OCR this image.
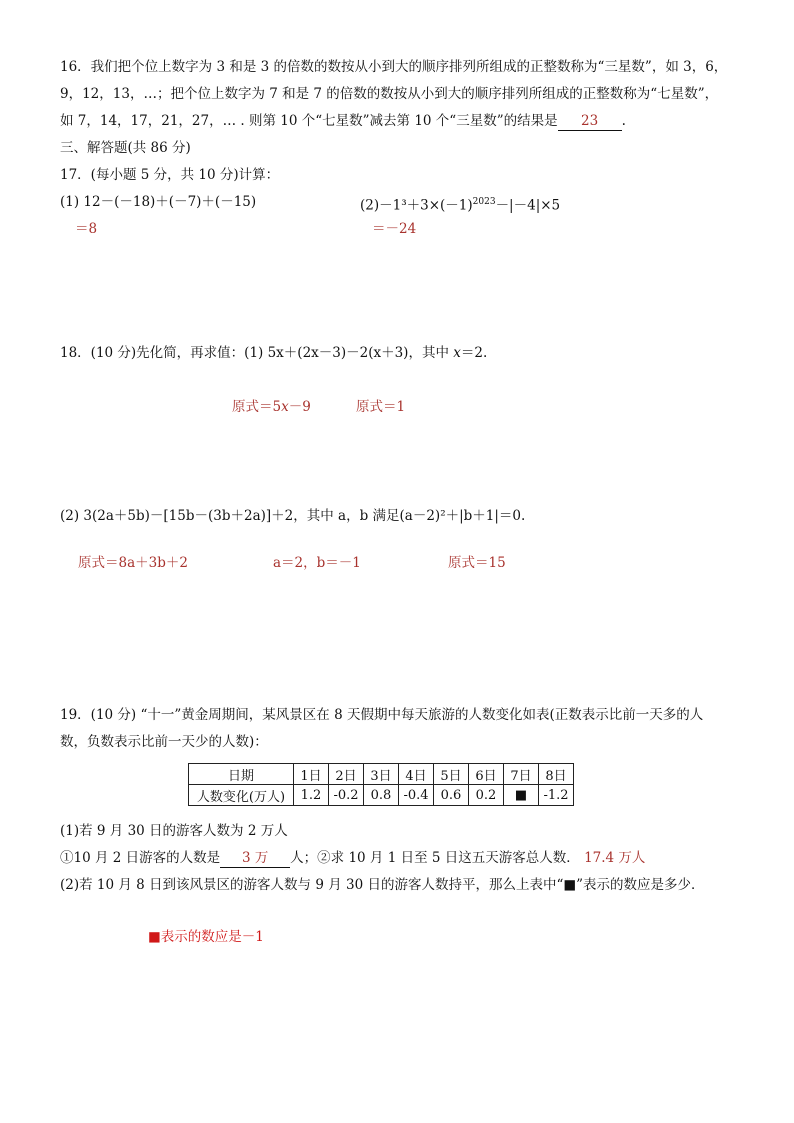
16．我们把个位上数字为 3 和是 3 的倍数的数按从小到大的顺序排列所组成的正整数称为“三星数”，如 3，6，
9，12，13，…；把个位上数字为 7 和是 7 的倍数的数按从小到大的顺序排列所组成的正整数称为“七星数”，
如 7，14，17，21，27，… . 则第 10 个“七星数”减去第 10 个“三星数”的结果是 23 .
三、解答题(共 86 分)
17．(每小题 5 分，共 10 分)计算：
(1) 12－(－18)＋(－7)＋(－15)
＝8
$(2)-1^3+3\times(-1)^{2023}-|-4|\times 5$
＝－24
18．(10 分)先化简，再求值：(1) 5x＋(2x－3)－2(x＋3)，其中 x＝2.
原式＝5x－9	原式＝1
(2) 3(2a＋5b)－[15b－(3b＋2a)]＋2，其中 a，b 满足(a－2)²＋|b＋1|＝0.
原式＝8a＋3b＋2	a＝2，b＝－1	原式＝15
19．(10 分) “十一”黄金周期间，某风景区在 8 天假期中每天旅游的人数变化如表(正数表示比前一天多的人
数，负数表示比前一天少的人数)：
日期	1日	2日	3日	4日	5日	6日	7日	8日
人数变化(万人)	1.2	-0.2	0.8	-0.4	0.6	0.2	■	-1.2
(1)若 9 月 30 日的游客人数为 2 万人
①10 月 2 日游客的人数是 3 万 人；②求 10 月 1 日至 5 日这五天游客总人数． 17.4 万人
(2)若 10 月 8 日到该风景区的游客人数与 9 月 30 日的游客人数持平，那么上表中“■”表示的数应是多少．
■表示的数应是－1
